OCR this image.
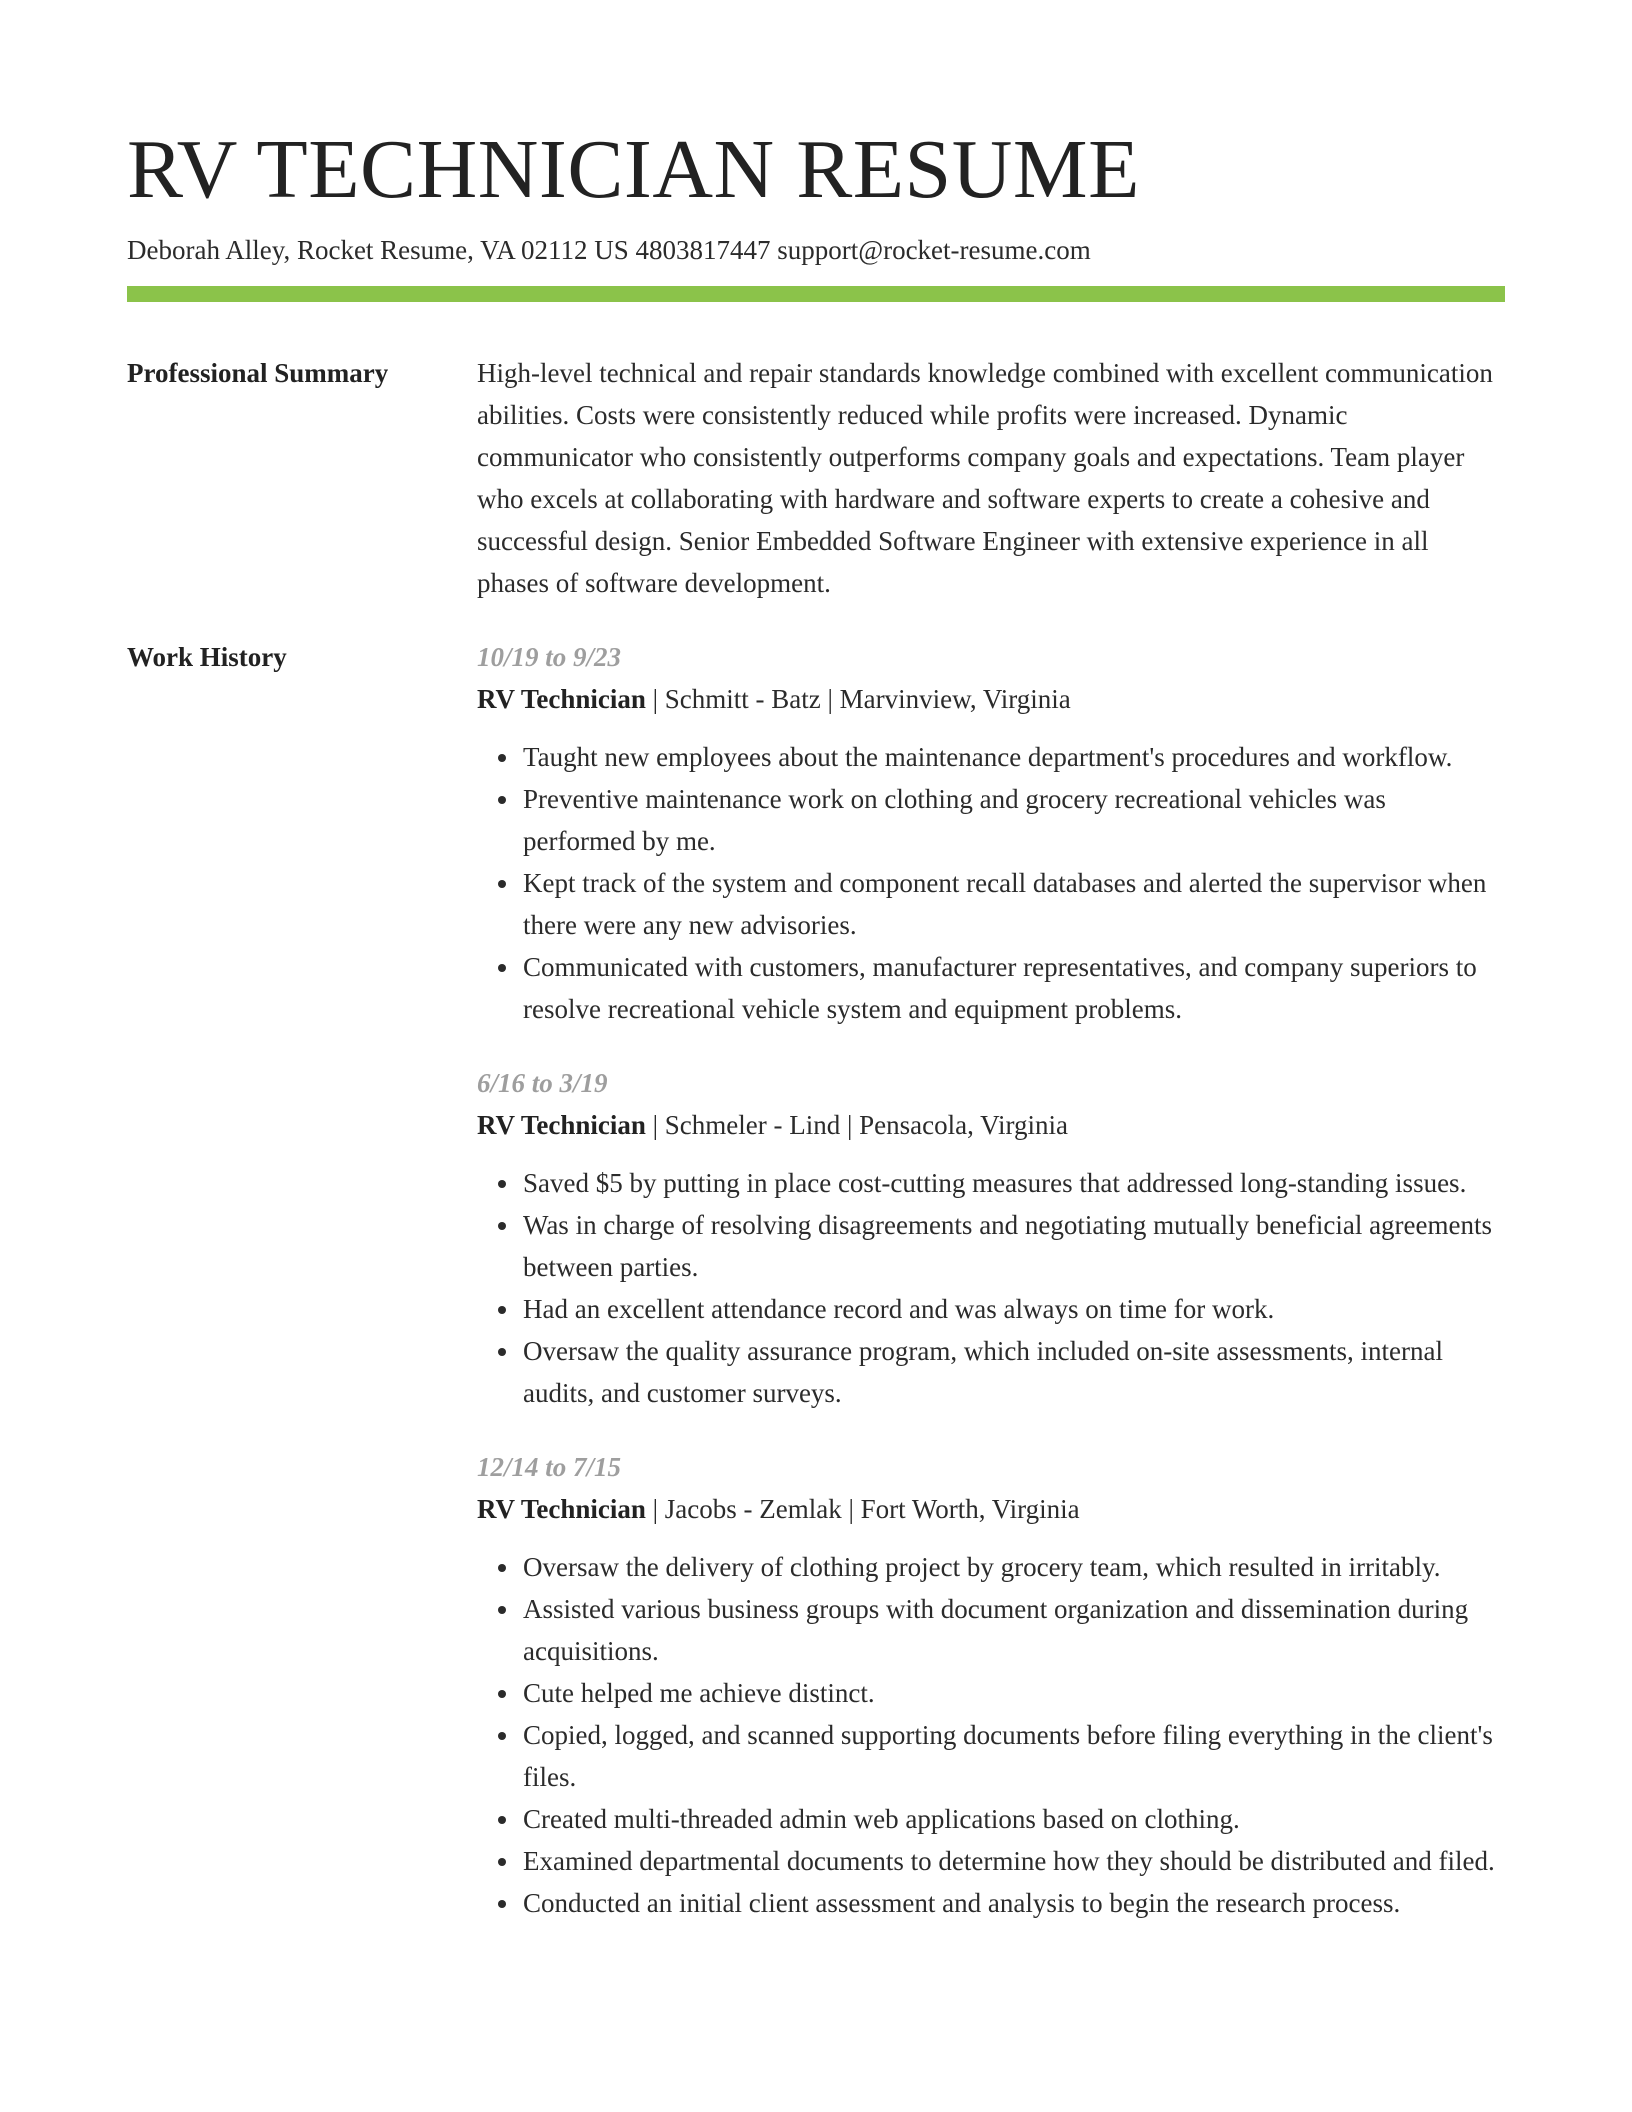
RV TECHNICIAN RESUME
Deborah Alley, Rocket Resume, VA 02112 US 4803817447 support@rocket-resume.com
Professional Summary	High-level technical and repair standards knowledge combined with excellent communication abilities. Costs were consistently reduced while profits were increased. Dynamic communicator who consistently outperforms company goals and expectations. Team player who excels at collaborating with hardware and software experts to create a cohesive and successful design. Senior Embedded Software Engineer with extensive experience in all phases of software development.

Work History	10/19 to 9/23
RV Technician | Schmitt - Batz | Marvinview, Virginia
• Taught new employees about the maintenance department's procedures and workflow.
• Preventive maintenance work on clothing and grocery recreational vehicles was performed by me.
• Kept track of the system and component recall databases and alerted the supervisor when there were any new advisories.
• Communicated with customers, manufacturer representatives, and company superiors to resolve recreational vehicle system and equipment problems.
6/16 to 3/19
RV Technician | Schmeler - Lind | Pensacola, Virginia
• Saved $5 by putting in place cost-cutting measures that addressed long-standing issues.
• Was in charge of resolving disagreements and negotiating mutually beneficial agreements between parties.
• Had an excellent attendance record and was always on time for work.
• Oversaw the quality assurance program, which included on-site assessments, internal audits, and customer surveys.
12/14 to 7/15
RV Technician | Jacobs - Zemlak | Fort Worth, Virginia
• Oversaw the delivery of clothing project by grocery team, which resulted in irritably.
• Assisted various business groups with document organization and dissemination during acquisitions.
• Cute helped me achieve distinct.
• Copied, logged, and scanned supporting documents before filing everything in the client's files.
• Created multi-threaded admin web applications based on clothing.
• Examined departmental documents to determine how they should be distributed and filed.
• Conducted an initial client assessment and analysis to begin the research process.
